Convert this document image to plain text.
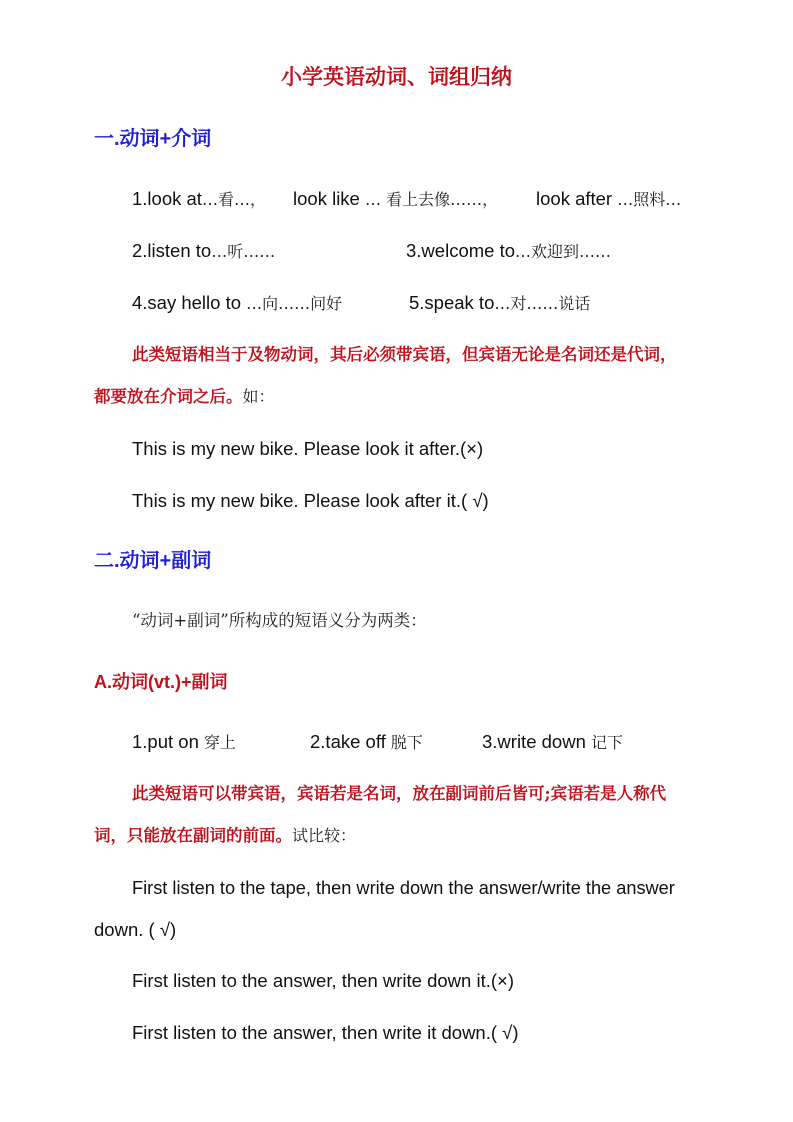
小学英语动词、词组归纳
一.动词+介词
1.look at…看…， look like … 看上去像……， look after …照料…
2.listen to…听……	3.welcome to…欢迎到……
4.say hello to …向……问好	5.speak to…对……说话
此类短语相当于及物动词，其后必须带宾语，但宾语无论是名词还是代词，
都要放在介词之后。如：
This is my new bike. Please look it after.(×)
This is my new bike. Please look after it.( √)
二.动词+副词
“动词+副词”所构成的短语义分为两类：
A.动词(vt.)+副词
1.put on 穿上	2.take off 脱下	3.write down 记下
此类短语可以带宾语，宾语若是名词，放在副词前后皆可;宾语若是人称代
词，只能放在副词的前面。试比较：
First listen to the tape, then write down the answer/write the answer
down. ( √)
First listen to the answer, then write down it.(×)
First listen to the answer, then write it down.( √)
